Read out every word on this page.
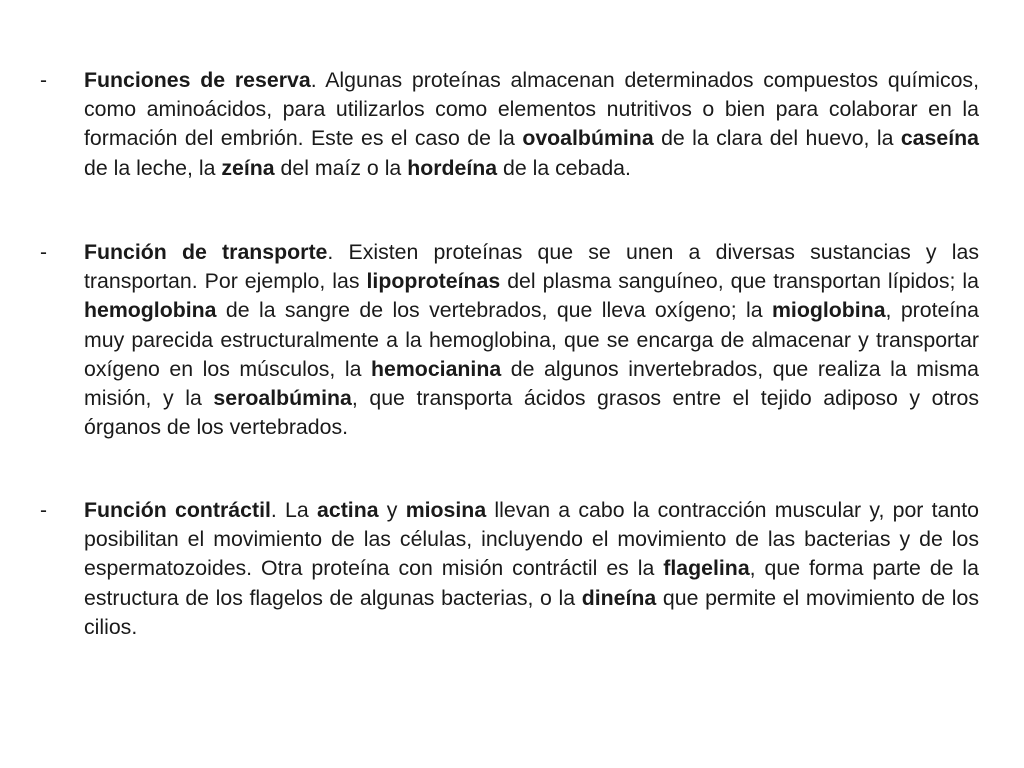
- Funciones de reserva. Algunas proteínas almacenan determinados compuestos químicos, como aminoácidos, para utilizarlos como elementos nutritivos o bien para colaborar en la formación del embrión. Este es el caso de la ovoalbúmina de la clara del huevo, la caseína de la leche, la zeína del maíz o la hordeína de la cebada.

- Función de transporte. Existen proteínas que se unen a diversas sustancias y las transportan. Por ejemplo, las lipoproteínas del plasma sanguíneo, que transportan lípidos; la hemoglobina de la sangre de los vertebrados, que lleva oxígeno; la mioglobina, proteína muy parecida estructuralmente a la hemoglobina, que se encarga de almacenar y transportar oxígeno en los músculos, la hemocianina de algunos invertebrados, que realiza la misma misión, y la seroalbúmina, que transporta ácidos grasos entre el tejido adiposo y otros órganos de los vertebrados.

- Función contráctil. La actina y miosina llevan a cabo la contracción muscular y, por tanto posibilitan el movimiento de las células, incluyendo el movimiento de las bacterias y de los espermatozoides. Otra proteína con misión contráctil es la flagelina, que forma parte de la estructura de los flagelos de algunas bacterias, o la dineína que permite el movimiento de los cilios.
